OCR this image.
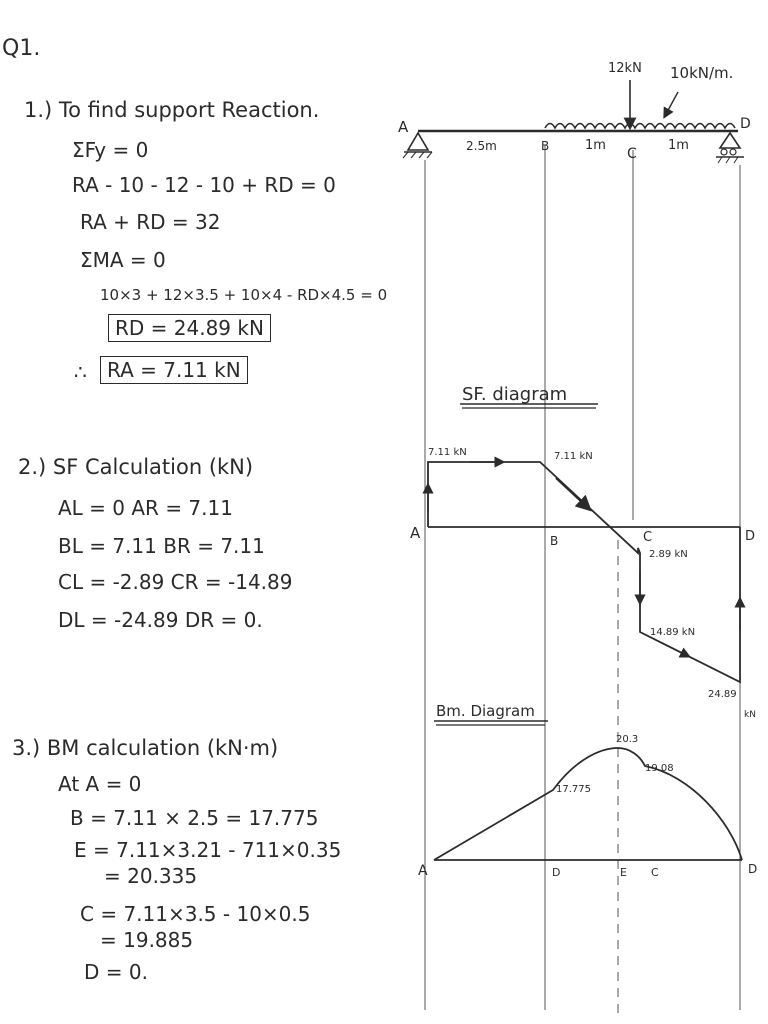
Q1.
1.) To find support Reaction.
ΣFy = 0
RA - 10 - 12 - 10 + RD = 0
RA + RD = 32
ΣMA = 0
10×3 + 12×3.5 + 10×4 - RD×4.5 = 0
RD = 24.89 kN
∴	RA = 7.11 kN
2.) SF Calculation (kN)
AL = 0 AR = 7.11
BL = 7.11 BR = 7.11
CL = -2.89 CR = -14.89
DL = -24.89 DR = 0.
3.) BM calculation (kN·m)
At A = 0
B = 7.11 × 2.5 = 17.775
E = 7.11×3.21 - 711×0.35
= 20.335
C = 7.11×3.5 - 10×0.5
= 19.885
D = 0.
12kN 10kN/m.
A	D
B	C
2.5m	1m	1m
SF. diagram
7.11 kN	7.11 kN
2.89 kN
14.89 kN
24.89
kN
A	B	C	D
Bm. Diagram
20.3
19.08
17.775
A	D	E C	D
